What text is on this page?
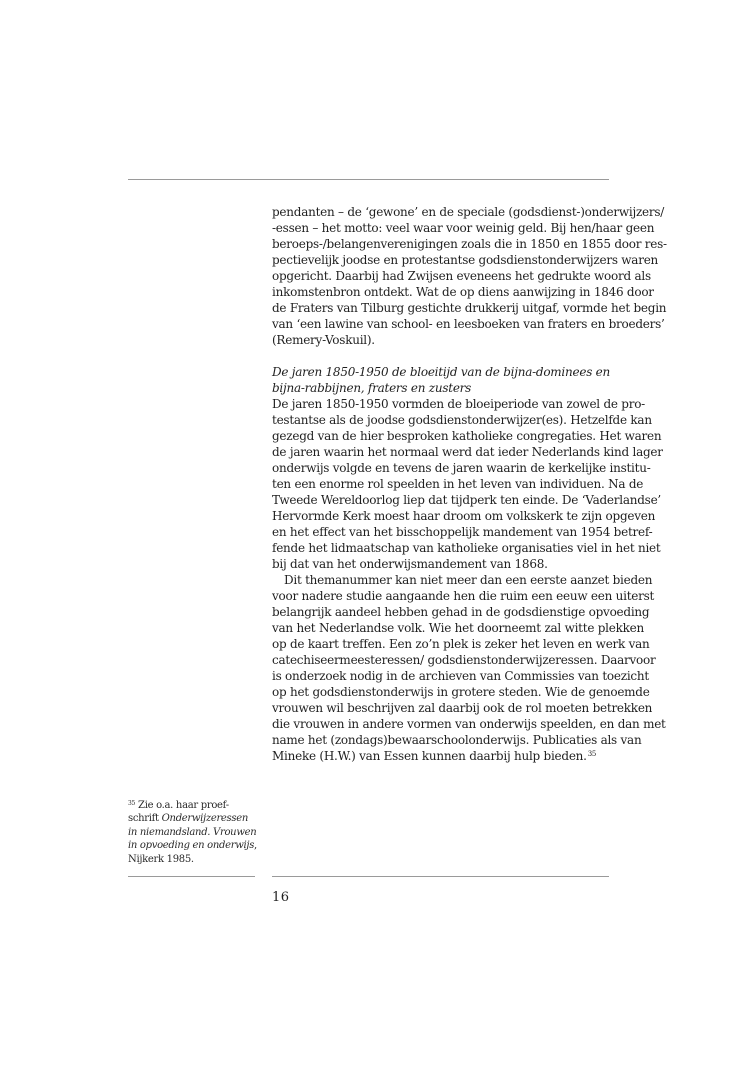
pendanten – de ‘gewone’ en de speciale (godsdienst-)onderwijzers/
-essen – het motto: veel waar voor weinig geld. Bij hen/haar geen
beroeps-/belangenverenigingen zoals die in 1850 en 1855 door res-
pectievelijk joodse en protestantse godsdienstonderwijzers waren
opgericht. Daarbij had Zwijsen eveneens het gedrukte woord als
inkomstenbron ontdekt. Wat de op diens aanwijzing in 1846 door
de Fraters van Tilburg gestichte drukkerij uitgaf, vormde het begin
van ‘een lawine van school- en leesboeken van fraters en broeders’
(Remery-Voskuil).
De jaren 1850-1950 de bloeitijd van de bijna-dominees en
bijna-rabbijnen, fraters en zusters
De jaren 1850-1950 vormden de bloeiperiode van zowel de pro-
testantse als de joodse godsdienstonderwijzer(es). Hetzelfde kan
gezegd van de hier besproken katholieke congregaties. Het waren
de jaren waarin het normaal werd dat ieder Nederlands kind lager
onderwijs volgde en tevens de jaren waarin de kerkelijke institu-
ten een enorme rol speelden in het leven van individuen. Na de
Tweede Wereldoorlog liep dat tijdperk ten einde. De ‘Vaderlandse’
Hervormde Kerk moest haar droom om volkskerk te zijn opgeven
en het effect van het bisschoppelijk mandement van 1954 betref-
fende het lidmaatschap van katholieke organisaties viel in het niet
bij dat van het onderwijsmandement van 1868.
Dit themanummer kan niet meer dan een eerste aanzet bieden
voor nadere studie aangaande hen die ruim een eeuw een uiterst
belangrijk aandeel hebben gehad in de godsdienstige opvoeding
van het Nederlandse volk. Wie het doorneemt zal witte plekken
op de kaart treffen. Een zo’n plek is zeker het leven en werk van
catechiseermeesteressen/ godsdienstonderwijzeressen. Daarvoor
is onderzoek nodig in de archieven van Commissies van toezicht
op het godsdienstonderwijs in grotere steden. Wie de genoemde
vrouwen wil beschrijven zal daarbij ook de rol moeten betrekken
die vrouwen in andere vormen van onderwijs speelden, en dan met
name het (zondags)bewaarschoolonderwijs. Publicaties als van
Mineke (H.W.) van Essen kunnen daarbij hulp bieden.$^{35}$
$^{35}$ Zie o.a. haar proef-
schrift Onderwijzeressen
in niemandsland. Vrouwen
in opvoeding en onderwijs,
Nijkerk 1985.
16
